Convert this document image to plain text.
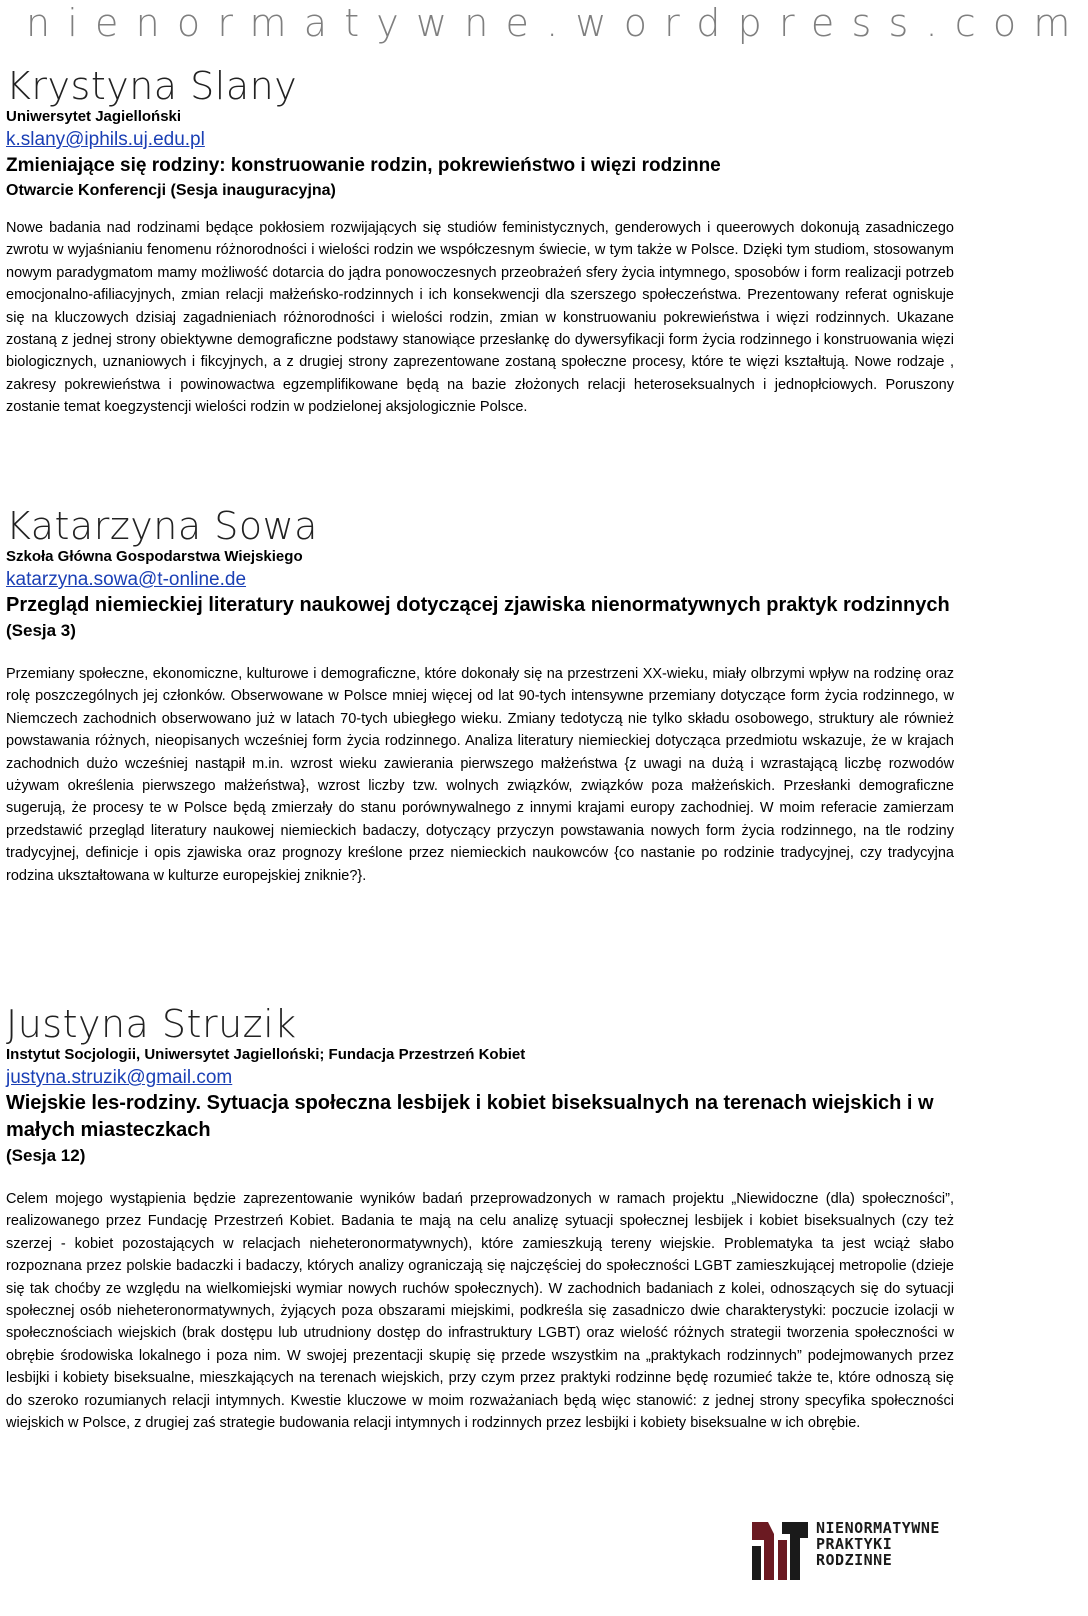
nienormatywne.wordpress.com
Krystyna Slany

Uniwersytet Jagielloński

k.slany@iphils.uj.edu.pl
Zmieniające się rodziny: konstruowanie rodzin, pokrewieństwo i więzi rodzinne

Otwarcie Konferencji (Sesja inauguracyjna)

Nowe badania nad rodzinami będące pokłosiem rozwijających się studiów feministycznych, genderowych i queerowych dokonują zasadniczego zwrotu w wyjaśnianiu fenomenu różnorodności i wielości rodzin we współczesnym świecie, w tym także w Polsce. Dzięki tym studiom, stosowanym nowym paradygmatom mamy możliwość dotarcia do jądra ponowoczesnych przeobrażeń sfery życia intymnego, sposobów i form realizacji potrzeb emocjonalno-afiliacyjnych, zmian relacji małżeńsko-rodzinnych i ich konsekwencji dla szerszego społeczeństwa. Prezentowany referat ogniskuje się na kluczowych dzisiaj zagadnieniach różnorodności i wielości rodzin, zmian w konstruowaniu pokrewieństwa i więzi rodzinnych. Ukazane zostaną z jednej strony obiektywne demograficzne podstawy stanowiące przesłankę do dywersyfikacji form życia rodzinnego i konstruowania więzi biologicznych, uznaniowych i fikcyjnych, a z drugiej strony zaprezentowane zostaną społeczne procesy, które te więzi kształtują. Nowe rodzaje , zakresy pokrewieństwa i powinowactwa egzemplifikowane będą na bazie złożonych relacji heteroseksualnych i jednopłciowych. Poruszony zostanie temat koegzystencji wielości rodzin w podzielonej aksjologicznie Polsce.

Katarzyna Sowa

Szkoła Główna Gospodarstwa Wiejskiego

katarzyna.sowa@t-online.de
Przegląd niemieckiej literatury naukowej dotyczącej zjawiska nienormatywnych praktyk rodzinnych

(Sesja 3)

Przemiany społeczne, ekonomiczne, kulturowe i demograficzne, które dokonały się na przestrzeni XX-wieku, miały olbrzymi wpływ na rodzinę oraz rolę poszczególnych jej członków. Obserwowane w Polsce mniej więcej od lat 90-tych intensywne przemiany dotyczące form życia rodzinnego, w Niemczech zachodnich obserwowano już w latach 70-tych ubiegłego wieku. Zmiany tedotyczą nie tylko składu osobowego, struktury ale również powstawania różnych, nieopisanych wcześniej form życia rodzinnego. Analiza literatury niemieckiej dotycząca przedmiotu wskazuje, że w krajach zachodnich dużo wcześniej nastąpił m.in. wzrost wieku zawierania pierwszego małżeństwa {z uwagi na dużą i wzrastającą liczbę rozwodów używam określenia pierwszego małżeństwa}, wzrost liczby tzw. wolnych związków, związków poza małżeńskich. Przesłanki demograficzne sugerują, że procesy te w Polsce będą zmierzały do stanu porównywalnego z innymi krajami europy zachodniej. W moim referacie zamierzam przedstawić przegląd literatury naukowej niemieckich badaczy, dotyczący przyczyn powstawania nowych form życia rodzinnego, na tle rodziny tradycyjnej, definicje i opis zjawiska oraz prognozy kreślone przez niemieckich naukowców {co nastanie po rodzinie tradycyjnej, czy tradycyjna rodzina ukształtowana w kulturze europejskiej zniknie?}.

Justyna Struzik

Instytut Socjologii, Uniwersytet Jagielloński; Fundacja Przestrzeń Kobiet

justyna.struzik@gmail.com
Wiejskie les-rodziny. Sytuacja społeczna lesbijek i kobiet biseksualnych na terenach wiejskich i w małych miasteczkach

(Sesja 12)

Celem mojego wystąpienia będzie zaprezentowanie wyników badań przeprowadzonych w ramach projektu „Niewidoczne (dla) społeczności”, realizowanego przez Fundację Przestrzeń Kobiet. Badania te mają na celu analizę sytuacji społecznej lesbijek i kobiet biseksualnych (czy też szerzej - kobiet pozostających w relacjach nieheteronormatywnych), które zamieszkują tereny wiejskie. Problematyka ta jest wciąż słabo rozpoznana przez polskie badaczki i badaczy, których analizy ograniczają się najczęściej do społeczności LGBT zamieszkującej metropolie (dzieje się tak choćby ze względu na wielkomiejski wymiar nowych ruchów społecznych). W zachodnich badaniach z kolei, odnoszących się do sytuacji społecznej osób nieheteronormatywnych, żyjących poza obszarami miejskimi, podkreśla się zasadniczo dwie charakterystyki: poczucie izolacji w społecznościach wiejskich (brak dostępu lub utrudniony dostęp do infrastruktury LGBT) oraz wielość różnych strategii tworzenia społeczności w obrębie środowiska lokalnego i poza nim. W swojej prezentacji skupię się przede wszystkim na „praktykach rodzinnych” podejmowanych przez lesbijki i kobiety biseksualne, mieszkających na terenach wiejskich, przy czym przez praktyki rodzinne będę rozumieć także te, które odnoszą się do szeroko rozumianych relacji intymnych. Kwestie kluczowe w moim rozważaniach będą więc stanowić: z jednej strony specyfika społeczności wiejskich w Polsce, z drugiej zaś strategie budowania relacji intymnych i rodzinnych przez lesbijki i kobiety biseksualne w ich obrębie.

NIENORMATYWNE
PRAKTYKI
RODZINNE
